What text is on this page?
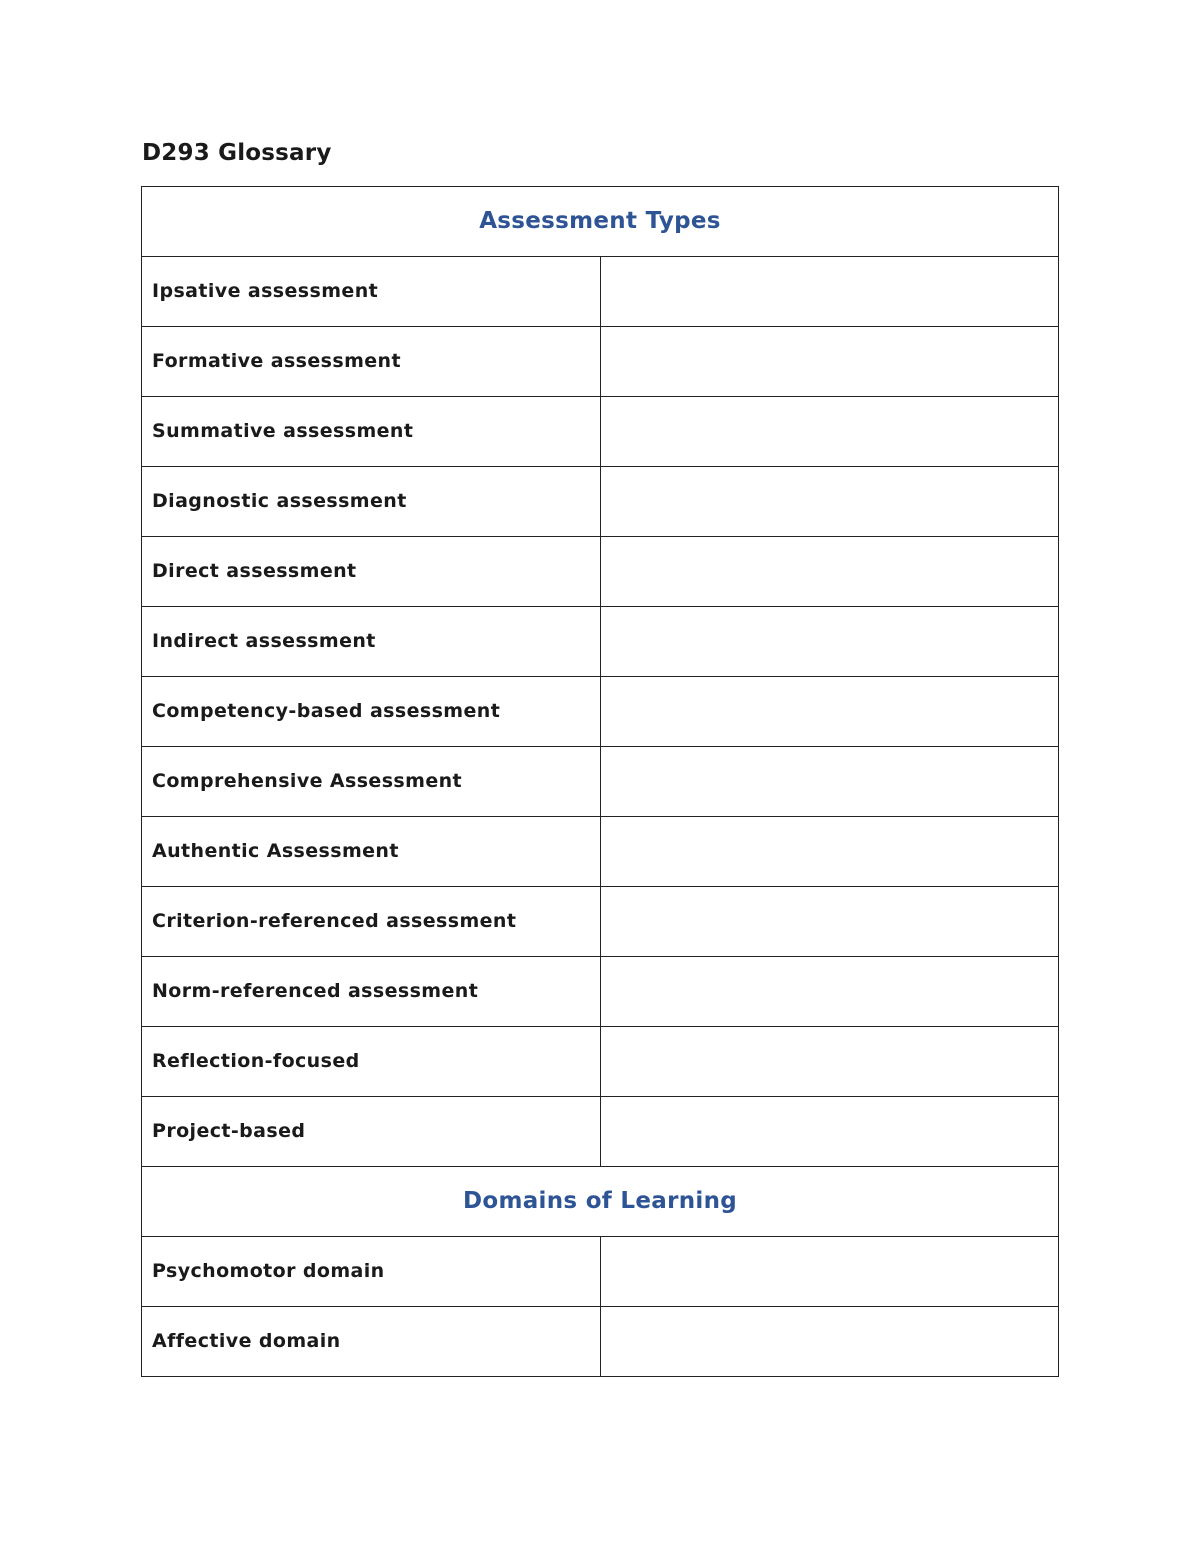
D293 Glossary
Assessment Types	
Ipsative assessment	
Formative assessment	
Summative assessment	
Diagnostic assessment	
Direct assessment	
Indirect assessment	
Competency-based assessment	
Comprehensive Assessment	
Authentic Assessment	
Criterion-referenced assessment	
Norm-referenced assessment	
Reflection-focused	
Project-based	
Domains of Learning	
Psychomotor domain	
Affective domain	
